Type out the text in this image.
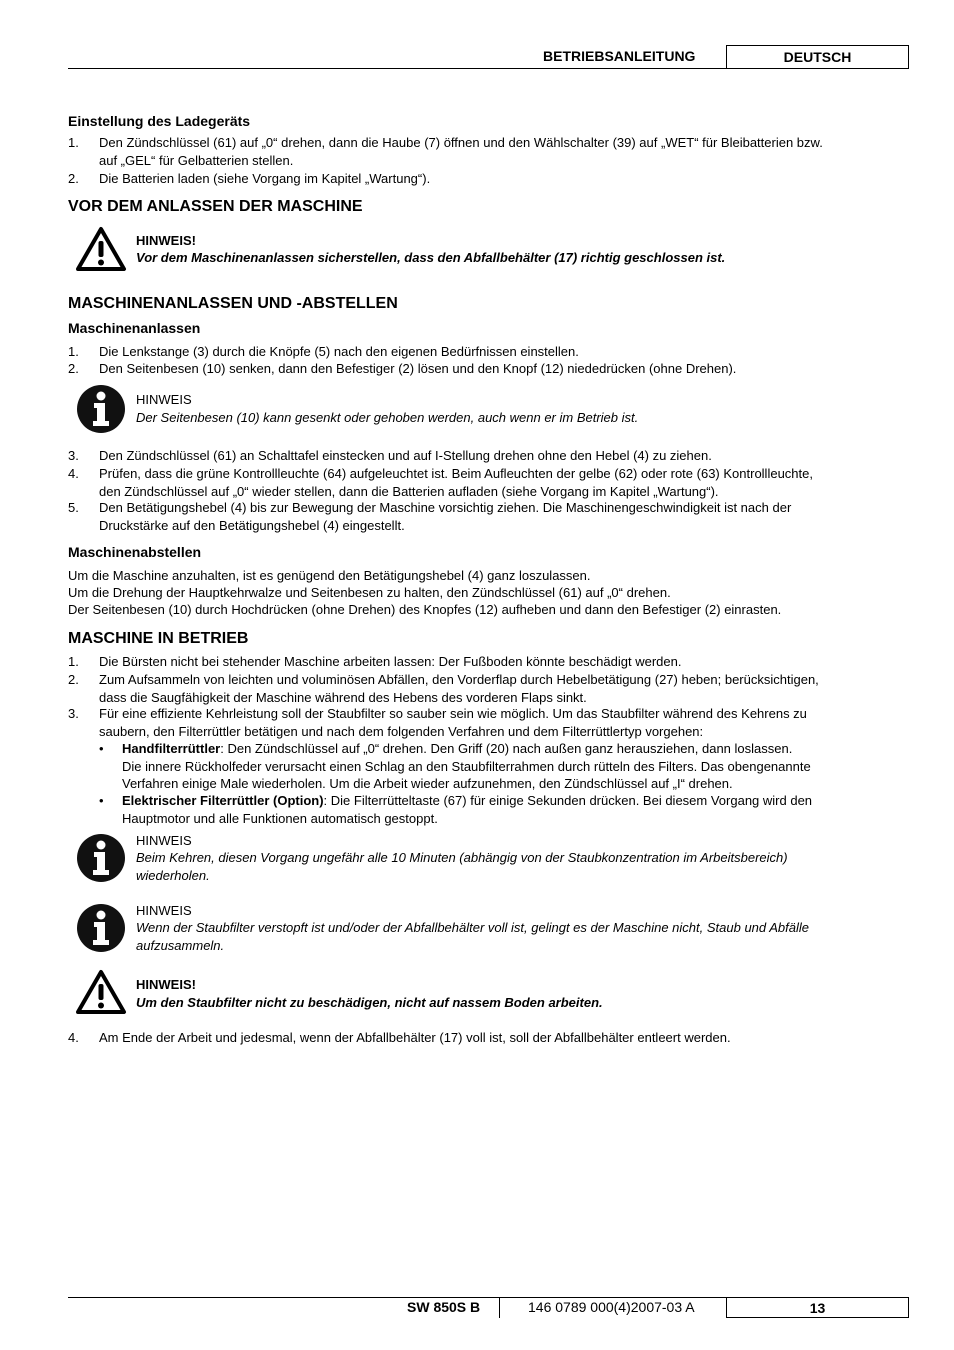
BETRIEBSANLEITUNG	DEUTSCH
Einstellung des Ladegeräts
1. Den Zündschlüssel (61) auf „0“ drehen, dann die Haube (7) öffnen und den Wählschalter (39) auf „WET“ für Bleibatterien bzw.
auf „GEL“ für Gelbatterien stellen.
2. Die Batterien laden (siehe Vorgang im Kapitel „Wartung“).
VOR DEM ANLASSEN DER MASCHINE
HINWEIS!
Vor dem Maschinenanlassen sicherstellen, dass den Abfallbehälter (17) richtig geschlossen ist.
MASCHINENANLASSEN UND -ABSTELLEN
Maschinenanlassen
1. Die Lenkstange (3) durch die Knöpfe (5) nach den eigenen Bedürfnissen einstellen.
2. Den Seitenbesen (10) senken, dann den Befestiger (2) lösen und den Knopf (12) niededrücken (ohne Drehen).
HINWEIS
Der Seitenbesen (10) kann gesenkt oder gehoben werden, auch wenn er im Betrieb ist.
3. Den Zündschlüssel (61) an Schalttafel einstecken und auf I-Stellung drehen ohne den Hebel (4) zu ziehen.
4. Prüfen, dass die grüne Kontrollleuchte (64) aufgeleuchtet ist. Beim Aufleuchten der gelbe (62) oder rote (63) Kontrollleuchte,
den Zündschlüssel auf „0“ wieder stellen, dann die Batterien aufladen (siehe Vorgang im Kapitel „Wartung“).
5. Den Betätigungshebel (4) bis zur Bewegung der Maschine vorsichtig ziehen. Die Maschinengeschwindigkeit ist nach der
Druckstärke auf den Betätigungshebel (4) eingestellt.
Maschinenabstellen
Um die Maschine anzuhalten, ist es genügend den Betätigungshebel (4) ganz loszulassen.
Um die Drehung der Hauptkehrwalze und Seitenbesen zu halten, den Zündschlüssel (61) auf „0“ drehen.
Der Seitenbesen (10) durch Hochdrücken (ohne Drehen) des Knopfes (12) aufheben und dann den Befestiger (2) einrasten.
MASCHINE IN BETRIEB
1. Die Bürsten nicht bei stehender Maschine arbeiten lassen: Der Fußboden könnte beschädigt werden.
2. Zum Aufsammeln von leichten und voluminösen Abfällen, den Vorderflap durch Hebelbetätigung (27) heben; berücksichtigen,
dass die Saugfähigkeit der Maschine während des Hebens des vorderen Flaps sinkt.
3. Für eine effiziente Kehrleistung soll der Staubfilter so sauber sein wie möglich. Um das Staubfilter während des Kehrens zu
saubern, den Filterrüttler betätigen und nach dem folgenden Verfahren und dem Filterrüttlertyp vorgehen:
• Handfilterrüttler: Den Zündschlüssel auf „0“ drehen. Den Griff (20) nach außen ganz herausziehen, dann loslassen.
Die innere Rückholfeder verursacht einen Schlag an den Staubfilterrahmen durch rütteln des Filters. Das obengenannte
Verfahren einige Male wiederholen. Um die Arbeit wieder aufzunehmen, den Zündschlüssel auf „I“ drehen.
• Elektrischer Filterrüttler (Option): Die Filterrütteltaste (67) für einige Sekunden drücken. Bei diesem Vorgang wird den
Hauptmotor und alle Funktionen automatisch gestoppt.
HINWEIS
Beim Kehren, diesen Vorgang ungefähr alle 10 Minuten (abhängig von der Staubkonzentration im Arbeitsbereich)
wiederholen.
HINWEIS
Wenn der Staubfilter verstopft ist und/oder der Abfallbehälter voll ist, gelingt es der Maschine nicht, Staub und Abfälle
aufzusammeln.
HINWEIS!
Um den Staubfilter nicht zu beschädigen, nicht auf nassem Boden arbeiten.
4. Am Ende der Arbeit und jedesmal, wenn der Abfallbehälter (17) voll ist, soll der Abfallbehälter entleert werden.
SW 850S B	146 0789 000(4)2007-03 A	13
